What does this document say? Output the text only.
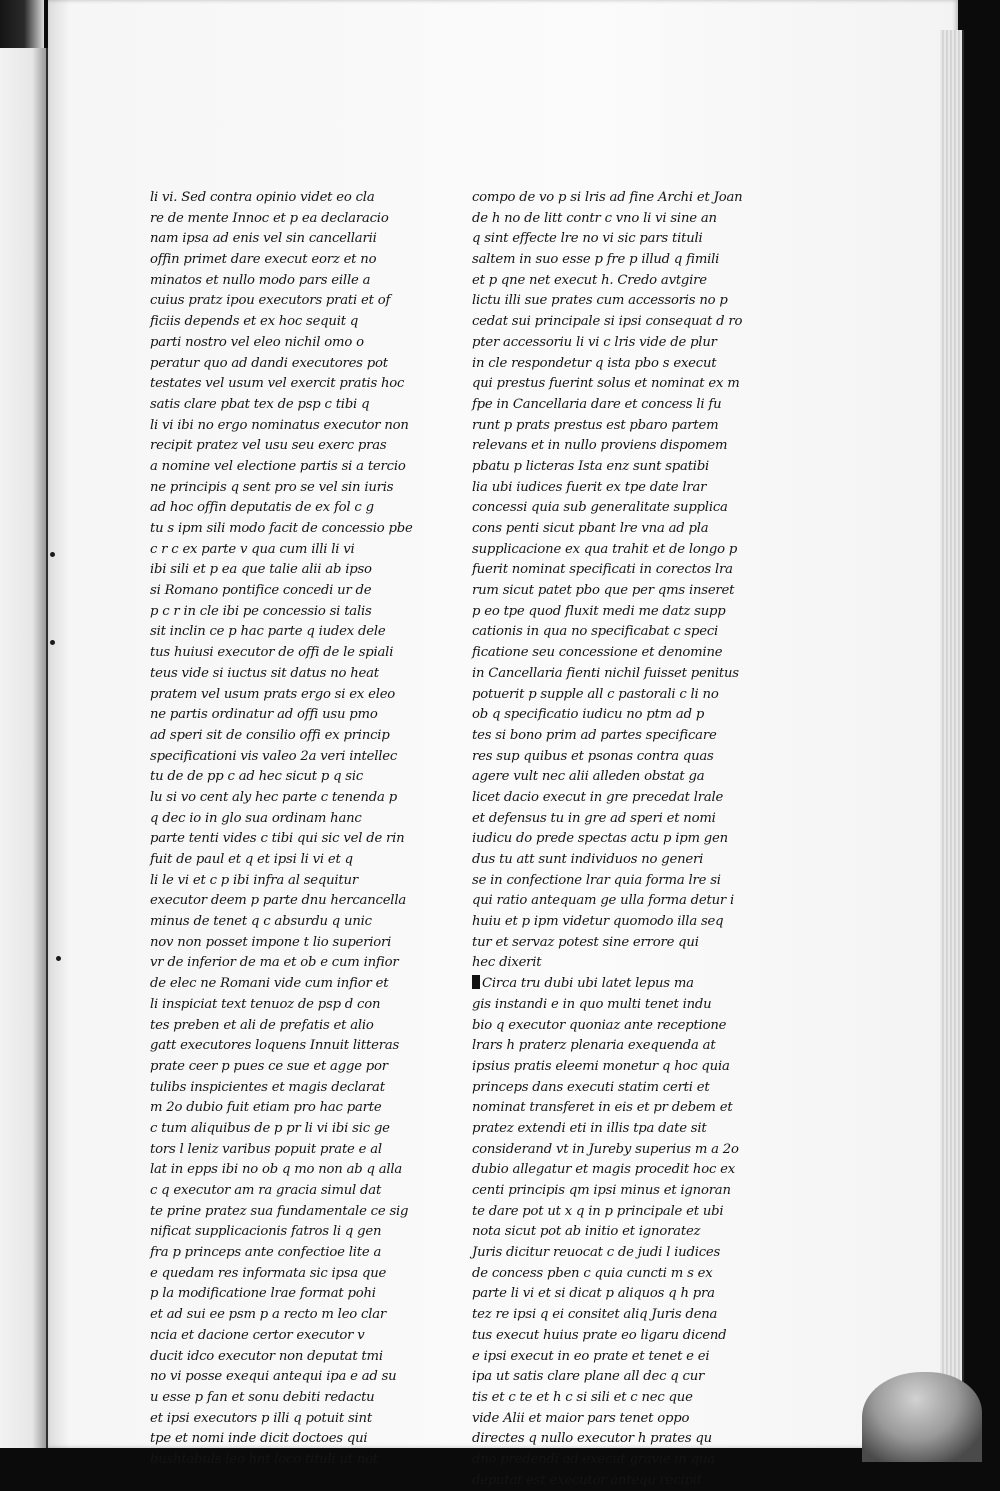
li vi. Sed contra opinio videt eo cla
re de mente Innoc et p ea declaracio
nam ipsa ad enis vel sin cancellarii
offin primet dare execut eorz et no
minatos et nullo modo pars eille a
cuius pratz ipou executors prati et of
ficiis depends et ex hoc sequit q
parti nostro vel eleo nichil omo o
peratur quo ad dandi executores pot
testates vel usum vel exercit pratis hoc
satis clare pbat tex de psp c tibi q
li vi ibi no ergo nominatus executor non
recipit pratez vel usu seu exerc pras
a nomine vel electione partis si a tercio
ne principis q sent pro se vel sin iuris
ad hoc offin deputatis de ex fol c g
tu s ipm sili modo facit de concessio pbe
c r c ex parte v qua cum illi li vi
ibi sili et p ea que talie alii ab ipso
si Romano pontifice concedi ur de
p c r in cle ibi pe concessio si talis
sit inclin ce p hac parte q iudex dele
tus huiusi executor de offi de le spiali
teus vide si iuctus sit datus no heat
pratem vel usum prats ergo si ex eleo
ne partis ordinatur ad offi usu pmo
ad speri sit de consilio offi ex princip
specificationi vis valeo 2a veri intellec
tu de de pp c ad hec sicut p q sic
lu si vo cent aly hec parte c tenenda p
q dec io in glo sua ordinam hanc
parte tenti vides c tibi qui sic vel de rin
fuit de paul et q et ipsi li vi et q
li le vi et c p ibi infra al sequitur
executor deem p parte dnu hercancella
minus de tenet q c absurdu q unic
nov non posset impone t lio superiori
vr de inferior de ma et ob e cum infior
de elec ne Romani vide cum infior et
li inspiciat text tenuoz de psp d con
tes preben et ali de prefatis et alio
gatt executores loquens Innuit litteras
prate ceer p pues ce sue et agge por
tulibs inspicientes et magis declarat
m 2o dubio fuit etiam pro hac parte
c tum aliquibus de p pr li vi ibi sic ge
tors l leniz varibus popuit prate e al
lat in epps ibi no ob q mo non ab q alla
c q executor am ra gracia simul dat
te prine pratez sua fundamentale ce sig
nificat supplicacionis fatros li q gen
fra p princeps ante confectioe lite a
e quedam res informata sic ipsa que
p la modificatione lrae format pohi
et ad sui ee psm p a recto m leo clar
ncia et dacione certor executor v
ducit idco executor non deputat tmi
no vi posse exequi antequi ipa e ad su
u esse p fan et sonu debiti redactu
et ipsi executors p illi q potuit sint
tpe et nomi inde dicit doctoes qui
bushtabuls leo hnt loco tituli ut not
compo de vo p si lris ad fine Archi et Joan
de h no de litt contr c vno li vi sine an
q sint effecte lre no vi sic pars tituli
saltem in suo esse p fre p illud q fimili
et p qne net execut h. Credo avtgire
lictu illi sue prates cum accessoris no p
cedat sui principale si ipsi consequat d ro
pter accessoriu li vi c lris vide de plur
in cle respondetur q ista pbo s execut
qui prestus fuerint solus et nominat ex m
fpe in Cancellaria dare et concess li fu
runt p prats prestus est pbaro partem
relevans et in nullo proviens dispomem
pbatu p licteras Ista enz sunt spatibi
lia ubi iudices fuerit ex tpe date lrar
concessi quia sub generalitate supplica
cons penti sicut pbant lre vna ad pla
supplicacione ex qua trahit et de longo p
fuerit nominat specificati in corectos lra
rum sicut patet pbo que per qms inseret
p eo tpe quod fluxit medi me datz supp
cationis in qua no specificabat c speci
ficatione seu concessione et denomine
in Cancellaria fienti nichil fuisset penitus
potuerit p supple all c pastorali c li no
ob q specificatio iudicu no ptm ad p
tes si bono prim ad partes specificare
res sup quibus et psonas contra quas
agere vult nec alii alleden obstat ga
licet dacio execut in gre precedat lrale
et defensus tu in gre ad speri et nomi
iudicu do prede spectas actu p ipm gen
dus tu att sunt individuos no generi
se in confectione lrar quia forma lre si
qui ratio antequam ge ulla forma detur i
huiu et p ipm videtur quomodo illa seq
tur et servaz potest sine errore qui
hec dixerit
Circa tru dubi ubi latet lepus ma
gis instandi e in quo multi tenet indu
bio q executor quoniaz ante receptione
lrars h praterz plenaria exequenda at
ipsius pratis eleemi monetur q hoc quia
princeps dans executi statim certi et
nominat transferet in eis et pr debem et
pratez extendi eti in illis tpa date sit
considerand vt in Jureby superius m a 2o
dubio allegatur et magis procedit hoc ex
centi principis qm ipsi minus et ignoran
te dare pot ut x q in p principale et ubi
nota sicut pot ab initio et ignoratez
Juris dicitur reuocat c de judi l iudices
de concess pben c quia cuncti m s ex
parte li vi et si dicat p aliquos q h pra
tez re ipsi q ei consitet aliq Juris dena
tus execut huius prate eo ligaru dicend
e ipsi execut in eo prate et tenet e ei
ipa ut satis clare plane all dec q cur
tis et c te et h c si sili et c nec que
vide Alii et maior pars tenet oppo
directes q nullo executor h prates qu
dno predendi ad execut gravie in qua
deputat est executor antequ recipit
